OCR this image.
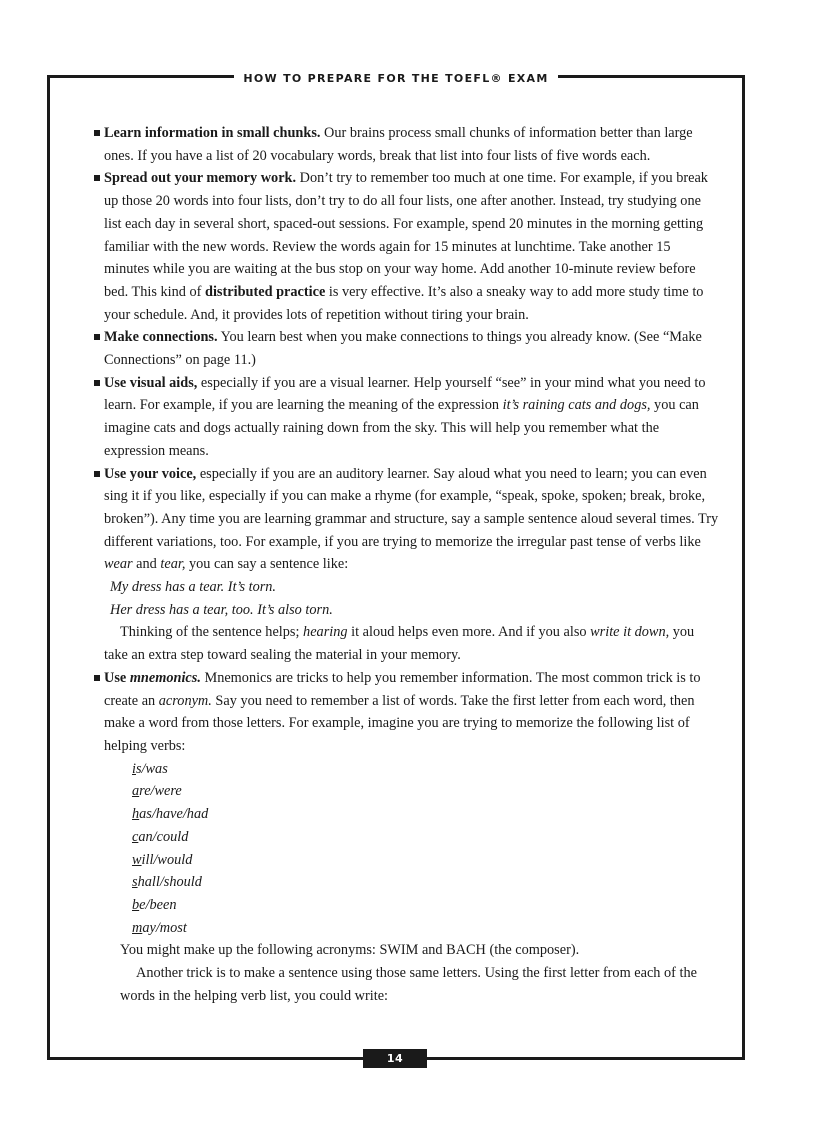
HOW TO PREPARE FOR THE TOEFL® EXAM

Learn information in small chunks. Our brains process small chunks of information better than large ones. If you have a list of 20 vocabulary words, break that list into four lists of five words each.

Spread out your memory work. Don’t try to remember too much at one time. For example, if you break up those 20 words into four lists, don’t try to do all four lists, one after another. Instead, try studying one list each day in several short, spaced-out sessions. For example, spend 20 minutes in the morning getting familiar with the new words. Review the words again for 15 minutes at lunchtime. Take another 15 minutes while you are waiting at the bus stop on your way home. Add another 10-minute review before bed. This kind of distributed practice is very effective. It’s also a sneaky way to add more study time to your schedule. And, it provides lots of repetition without tiring your brain.

Make connections. You learn best when you make connections to things you already know. (See “Make Connections” on page 11.)

Use visual aids, especially if you are a visual learner. Help yourself “see” in your mind what you need to learn. For example, if you are learning the meaning of the expression it’s raining cats and dogs, you can imagine cats and dogs actually raining down from the sky. This will help you remember what the expression means.

Use your voice, especially if you are an auditory learner. Say aloud what you need to learn; you can even sing it if you like, especially if you can make a rhyme (for example, “speak, spoke, spoken; break, broke, broken”). Any time you are learning grammar and structure, say a sample sentence aloud several times. Try different variations, too. For example, if you are trying to memorize the irregular past tense of verbs like wear and tear, you can say a sentence like:

My dress has a tear. It’s torn.
Her dress has a tear, too. It’s also torn.
Thinking of the sentence helps; hearing it aloud helps even more. And if you also write it down, you take an extra step toward sealing the material in your memory.

Use mnemonics. Mnemonics are tricks to help you remember information. The most common trick is to create an acronym. Say you need to remember a list of words. Take the first letter from each word, then make a word from those letters. For example, imagine you are trying to memorize the following list of helping verbs:

is/was
are/were
has/have/had
can/could
will/would
shall/should
be/been
may/most
You might make up the following acronyms: SWIM and BACH (the composer).
Another trick is to make a sentence using those same letters. Using the first letter from each of the words in the helping verb list, you could write:
14
